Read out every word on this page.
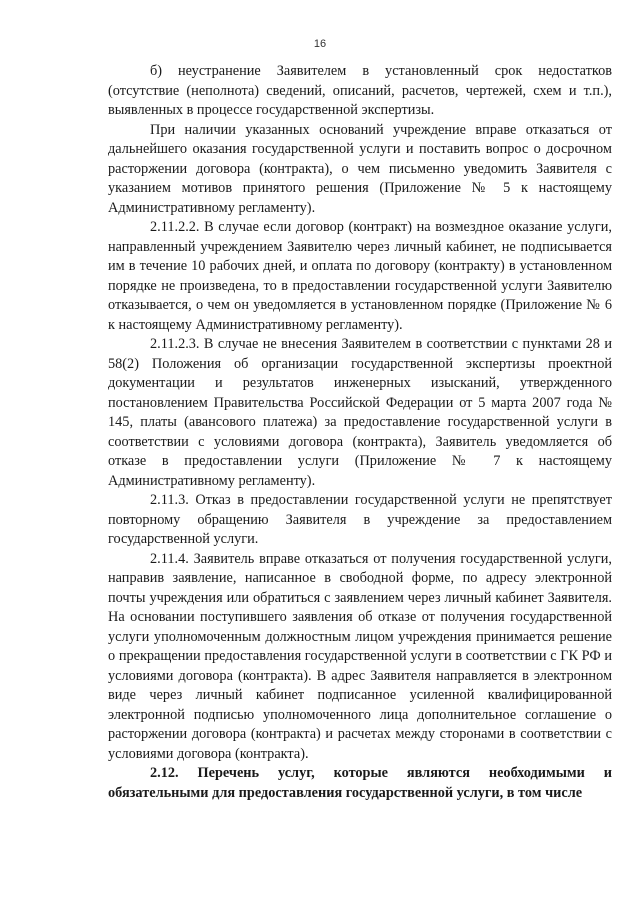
16

б) неустранение Заявителем в установленный срок недостатков (отсутствие (неполнота) сведений, описаний, расчетов, чертежей, схем и т.п.), выявленных в процессе государственной экспертизы.

При наличии указанных оснований учреждение вправе отказаться от дальнейшего оказания государственной услуги и поставить вопрос о досрочном расторжении договора (контракта), о чем письменно уведомить Заявителя с указанием мотивов принятого решения (Приложение № 5 к настоящему Административному регламенту).

2.11.2.2. В случае если договор (контракт) на возмездное оказание услуги, направленный учреждением Заявителю через личный кабинет, не подписывается им в течение 10 рабочих дней, и оплата по договору (контракту) в установленном порядке не произведена, то в предоставлении государственной услуги Заявителю отказывается, о чем он уведомляется в установленном порядке (Приложение № 6 к настоящему Административному регламенту).

2.11.2.3. В случае не внесения Заявителем в соответствии с пунктами 28 и 58(2) Положения об организации государственной экспертизы проектной документации и результатов инженерных изысканий, утвержденного постановлением Правительства Российской Федерации от 5 марта 2007 года № 145, платы (авансового платежа) за предоставление государственной услуги в соответствии с условиями договора (контракта), Заявитель уведомляется об отказе в предоставлении услуги (Приложение № 7 к настоящему Административному регламенту).

2.11.3. Отказ в предоставлении государственной услуги не препятствует повторному обращению Заявителя в учреждение за предоставлением государственной услуги.

2.11.4. Заявитель вправе отказаться от получения государственной услуги, направив заявление, написанное в свободной форме, по адресу электронной почты учреждения или обратиться с заявлением через личный кабинет Заявителя. На основании поступившего заявления об отказе от получения государственной услуги уполномоченным должностным лицом учреждения принимается решение о прекращении предоставления государственной услуги в соответствии с ГК РФ и условиями договора (контракта). В адрес Заявителя направляется в электронном виде через личный кабинет подписанное усиленной квалифицированной электронной подписью уполномоченного лица дополнительное соглашение о расторжении договора (контракта) и расчетах между сторонами в соответствии с условиями договора (контракта).

2.12. Перечень услуг, которые являются необходимыми и обязательными для предоставления государственной услуги, в том числе
